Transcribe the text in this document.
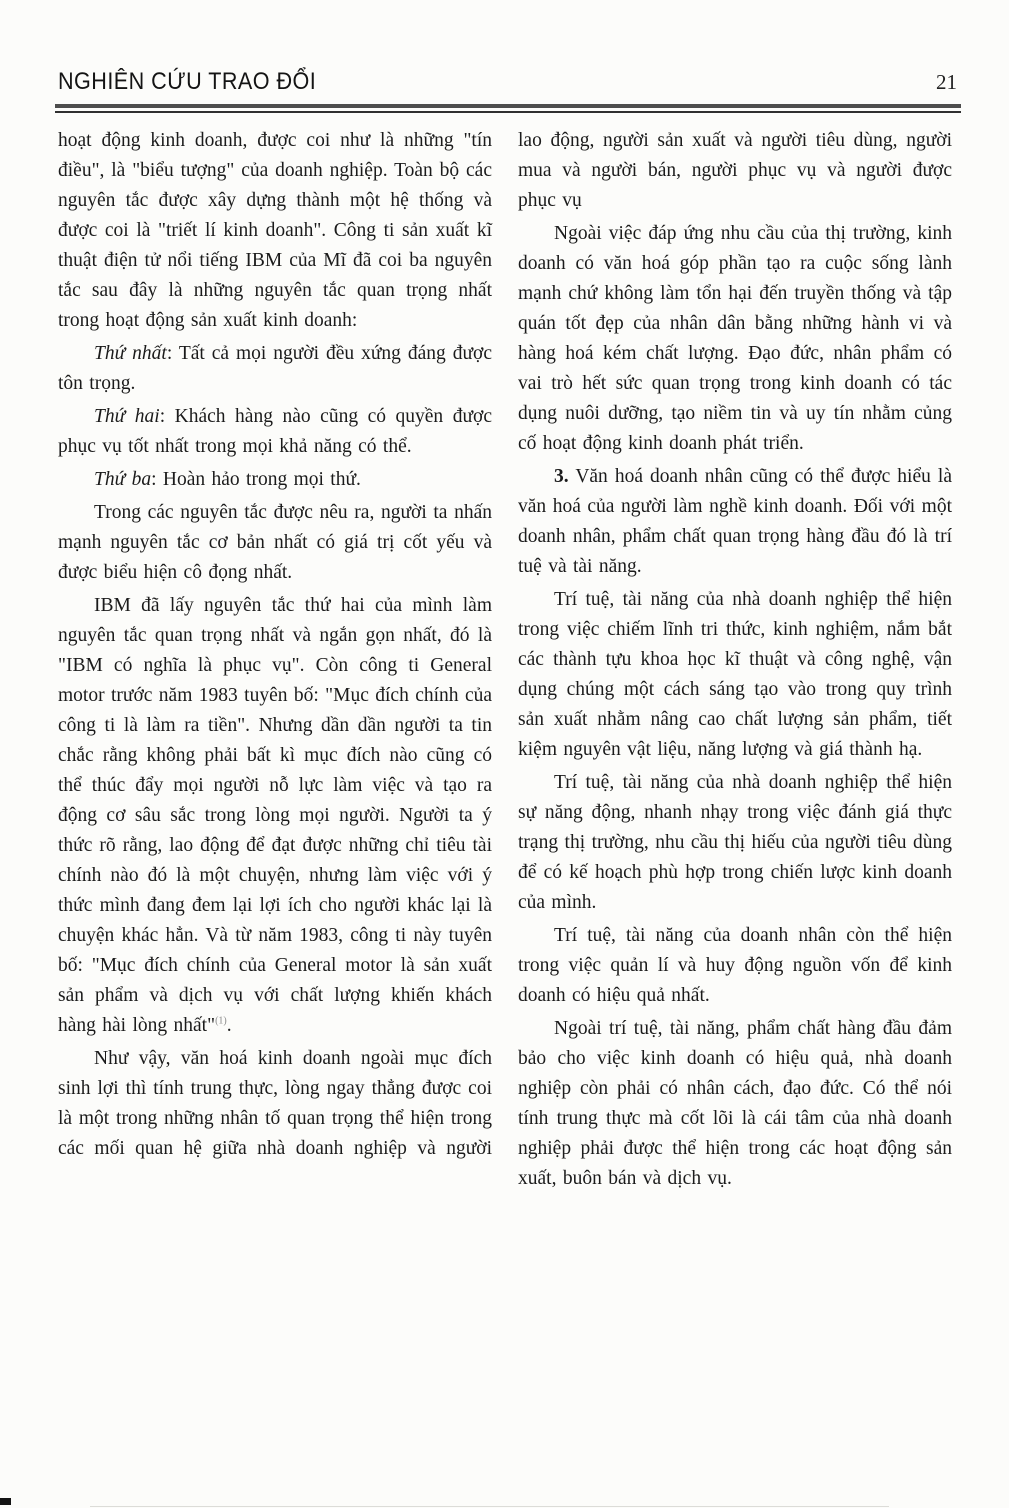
NGHIÊN CỨU TRAO ĐỔI	21

hoạt động kinh doanh, được coi như là những "tín điều", là "biểu tượng" của doanh nghiệp. Toàn bộ các nguyên tắc được xây dựng thành một hệ thống và được coi là "triết lí kinh doanh". Công ti sản xuất kĩ thuật điện tử nổi tiếng IBM của Mĩ đã coi ba nguyên tắc sau đây là những nguyên tắc quan trọng nhất trong hoạt động sản xuất kinh doanh:

Thứ nhất: Tất cả mọi người đều xứng đáng được tôn trọng.

Thứ hai: Khách hàng nào cũng có quyền được phục vụ tốt nhất trong mọi khả năng có thể.

Thứ ba: Hoàn hảo trong mọi thứ.

Trong các nguyên tắc được nêu ra, người ta nhấn mạnh nguyên tắc cơ bản nhất có giá trị cốt yếu và được biểu hiện cô đọng nhất.

IBM đã lấy nguyên tắc thứ hai của mình làm nguyên tắc quan trọng nhất và ngắn gọn nhất, đó là "IBM có nghĩa là phục vụ". Còn công ti General motor trước năm 1983 tuyên bố: "Mục đích chính của công ti là làm ra tiền". Nhưng dần dần người ta tin chắc rằng không phải bất kì mục đích nào cũng có thể thúc đẩy mọi người nỗ lực làm việc và tạo ra động cơ sâu sắc trong lòng mọi người. Người ta ý thức rõ rằng, lao động để đạt được những chỉ tiêu tài chính nào đó là một chuyện, nhưng làm việc với ý thức mình đang đem lại lợi ích cho người khác lại là chuyện khác hẳn. Và từ năm 1983, công ti này tuyên bố: "Mục đích chính của General motor là sản xuất sản phẩm và dịch vụ với chất lượng khiến khách hàng hài lòng nhất"$^{(1)}$.

Như vậy, văn hoá kinh doanh ngoài mục đích sinh lợi thì tính trung thực, lòng ngay thẳng được coi là một trong những nhân tố quan trọng thể hiện trong các mối quan hệ giữa nhà doanh nghiệp và người

lao động, người sản xuất và người tiêu dùng, người mua và người bán, người phục vụ và người được phục vụ

Ngoài việc đáp ứng nhu cầu của thị trường, kinh doanh có văn hoá góp phần tạo ra cuộc sống lành mạnh chứ không làm tổn hại đến truyền thống và tập quán tốt đẹp của nhân dân bằng những hành vi và hàng hoá kém chất lượng. Đạo đức, nhân phẩm có vai trò hết sức quan trọng trong kinh doanh có tác dụng nuôi dưỡng, tạo niềm tin và uy tín nhằm củng cố hoạt động kinh doanh phát triển.

3. Văn hoá doanh nhân cũng có thể được hiểu là văn hoá của người làm nghề kinh doanh. Đối với một doanh nhân, phẩm chất quan trọng hàng đầu đó là trí tuệ và tài năng.

Trí tuệ, tài năng của nhà doanh nghiệp thể hiện trong việc chiếm lĩnh tri thức, kinh nghiệm, nắm bắt các thành tựu khoa học kĩ thuật và công nghệ, vận dụng chúng một cách sáng tạo vào trong quy trình sản xuất nhằm nâng cao chất lượng sản phẩm, tiết kiệm nguyên vật liệu, năng lượng và giá thành hạ.

Trí tuệ, tài năng của nhà doanh nghiệp thể hiện sự năng động, nhanh nhạy trong việc đánh giá thực trạng thị trường, nhu cầu thị hiếu của người tiêu dùng để có kế hoạch phù hợp trong chiến lược kinh doanh của mình.

Trí tuệ, tài năng của doanh nhân còn thể hiện trong việc quản lí và huy động nguồn vốn để kinh doanh có hiệu quả nhất.

Ngoài trí tuệ, tài năng, phẩm chất hàng đầu đảm bảo cho việc kinh doanh có hiệu quả, nhà doanh nghiệp còn phải có nhân cách, đạo đức. Có thể nói tính trung thực mà cốt lõi là cái tâm của nhà doanh nghiệp phải được thể hiện trong các hoạt động sản xuất, buôn bán và dịch vụ.
